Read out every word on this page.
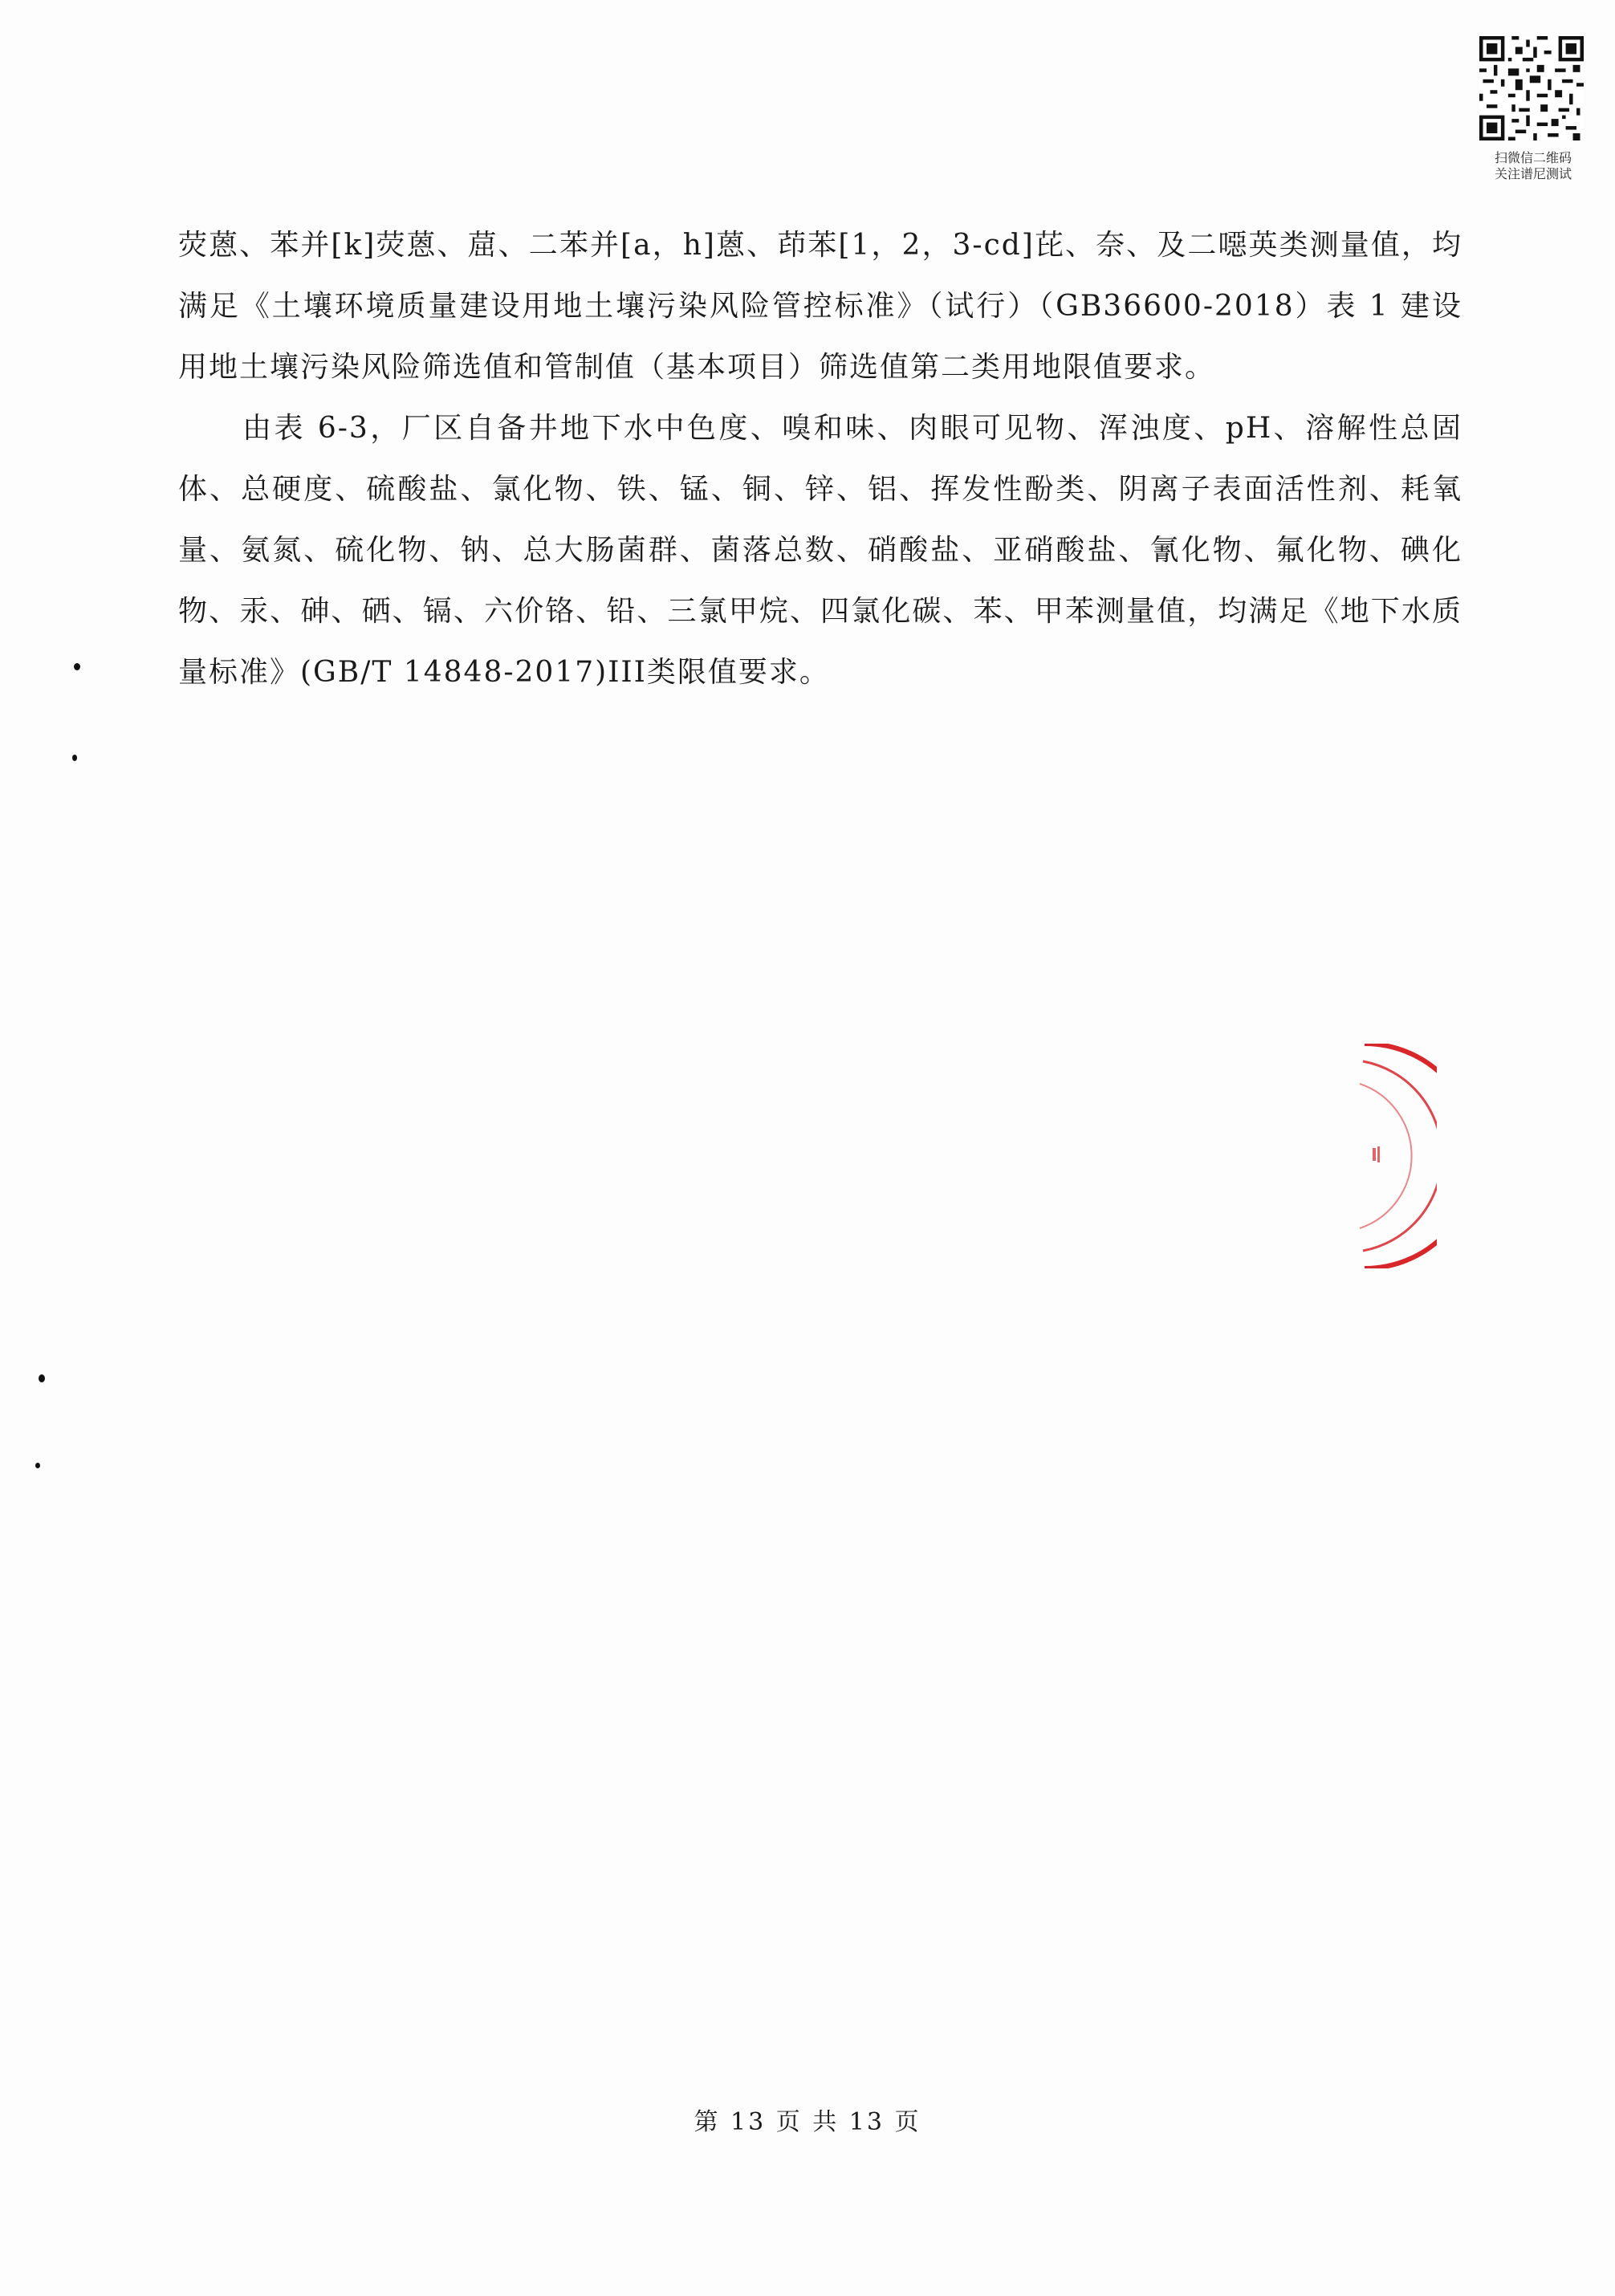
扫微信二维码
关注谱尼测试

荧蒽、苯并[k]荧蒽、䓛、二苯并[a，h]蒽、茚苯[1，2，3-cd]芘、奈、及二噁英类测量值，均满足《土壤环境质量建设用地土壤污染风险管控标准》（试行）（GB36600-2018）表 1 建设用地土壤污染风险筛选值和管制值（基本项目）筛选值第二类用地限值要求。

由表 6-3，厂区自备井地下水中色度、嗅和味、肉眼可见物、浑浊度、pH、溶解性总固体、总硬度、硫酸盐、氯化物、铁、锰、铜、锌、铝、挥发性酚类、阴离子表面活性剂、耗氧量、氨氮、硫化物、钠、总大肠菌群、菌落总数、硝酸盐、亚硝酸盐、氰化物、氟化物、碘化物、汞、砷、硒、镉、六价铬、铅、三氯甲烷、四氯化碳、苯、甲苯测量值，均满足《地下水质量标准》(GB/T 14848-2017)III类限值要求。

第 13 页 共 13 页
